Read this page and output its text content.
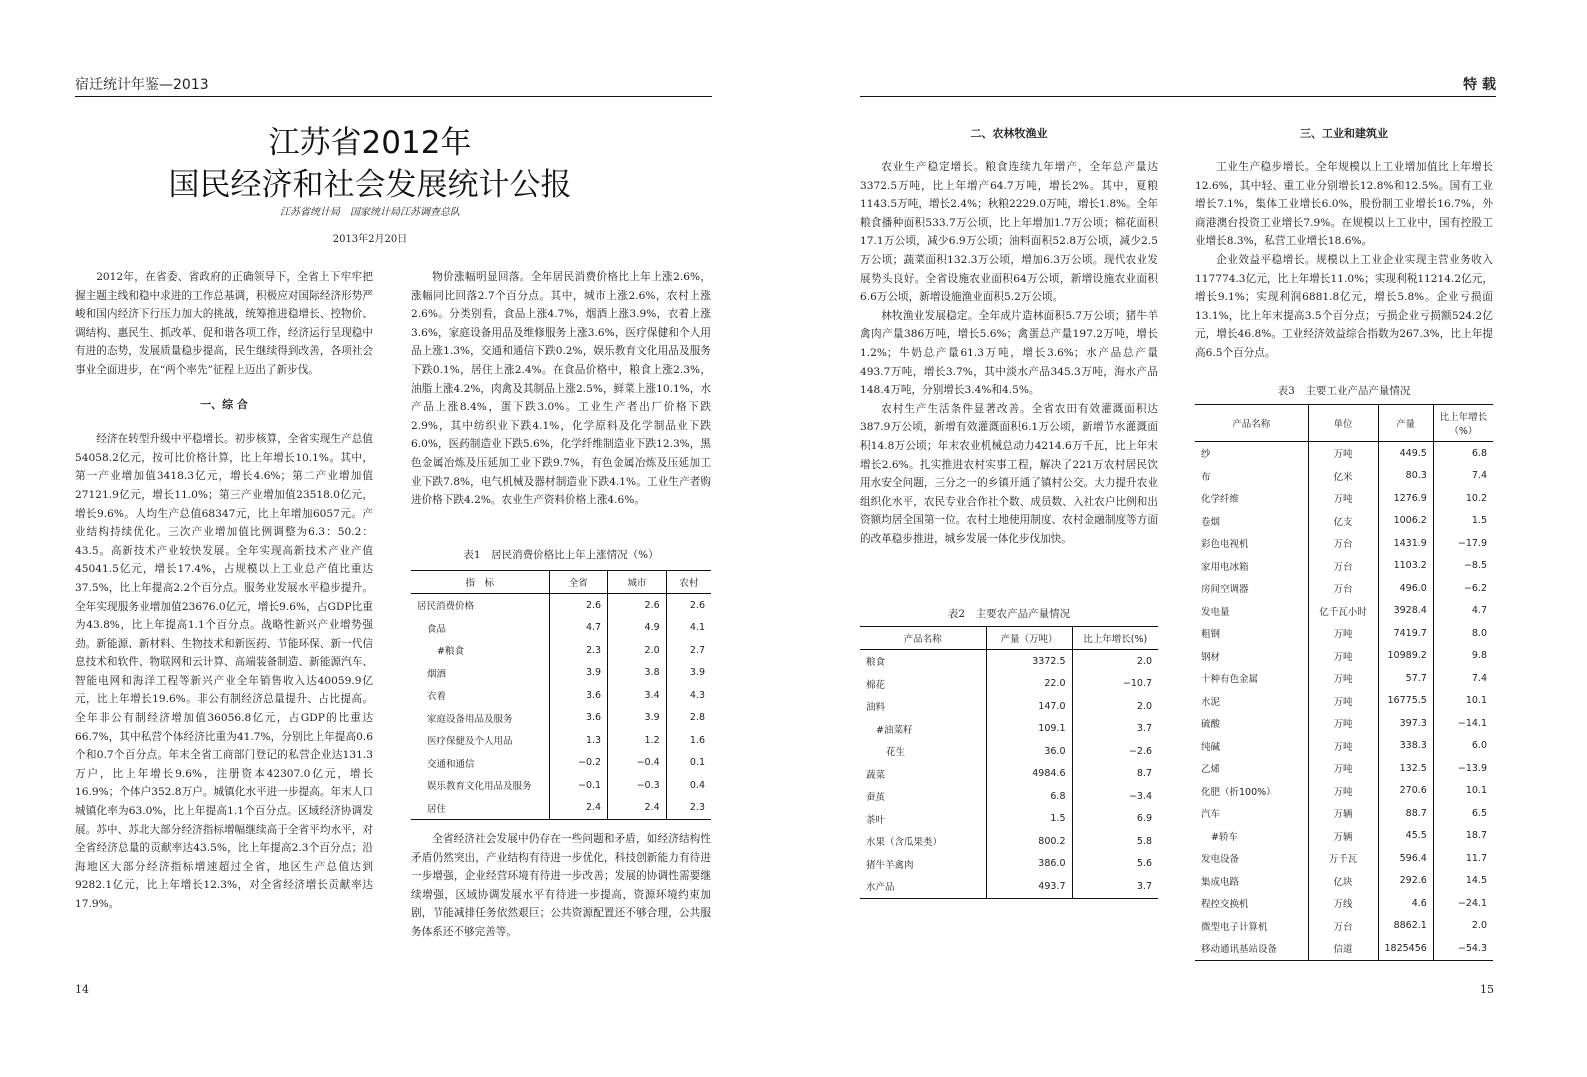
宿迁统计年鉴—2013	特 载
江苏省2012年
国民经济和社会发展统计公报
江苏省统计局　国家统计局江苏调查总队
2013年2月20日

2012年，在省委、省政府的正确领导下，全省上下牢牢把握主题主线和稳中求进的工作总基调，积极应对国际经济形势严峻和国内经济下行压力加大的挑战，统筹推进稳增长、控物价、调结构、惠民生、抓改革、促和谐各项工作，经济运行呈现稳中有进的态势，发展质量稳步提高，民生继续得到改善，各项社会事业全面进步，在“两个率先”征程上迈出了新步伐。

一、综 合

经济在转型升级中平稳增长。初步核算，全省实现生产总值54058.2亿元，按可比价格计算，比上年增长10.1%。其中，第一产业增加值3418.3亿元，增长4.6%；第二产业增加值27121.9亿元，增长11.0%；第三产业增加值23518.0亿元，增长9.6%。人均生产总值68347元，比上年增加6057元。产业结构持续优化。三次产业增加值比例调整为6.3：50.2：43.5。高新技术产业较快发展。全年实现高新技术产业产值45041.5亿元，增长17.4%，占规模以上工业总产值比重达37.5%，比上年提高2.2个百分点。服务业发展水平稳步提升。全年实现服务业增加值23676.0亿元，增长9.6%，占GDP比重为43.8%，比上年提高1.1个百分点。战略性新兴产业增势强劲。新能源、新材料、生物技术和新医药、节能环保、新一代信息技术和软件、物联网和云计算、高端装备制造、新能源汽车、智能电网和海洋工程等新兴产业全年销售收入达40059.9亿元，比上年增长19.6%。非公有制经济总量提升、占比提高。全年非公有制经济增加值36056.8亿元，占GDP的比重达66.7%，其中私营个体经济比重为41.7%，分别比上年提高0.6个和0.7个百分点。年末全省工商部门登记的私营企业达131.3万户，比上年增长9.6%，注册资本42307.0亿元，增长16.9%；个体户352.8万户。城镇化水平进一步提高。年末人口城镇化率为63.0%，比上年提高1.1个百分点。区域经济协调发展。苏中、苏北大部分经济指标增幅继续高于全省平均水平，对全省经济总量的贡献率达43.5%，比上年提高2.3个百分点；沿海地区大部分经济指标增速超过全省，地区生产总值达到9282.1亿元，比上年增长12.3%，对全省经济增长贡献率达17.9%。

物价涨幅明显回落。全年居民消费价格比上年上涨2.6%，涨幅同比回落2.7个百分点。其中，城市上涨2.6%，农村上涨2.6%。分类别看，食品上涨4.7%，烟酒上涨3.9%，衣着上涨3.6%，家庭设备用品及维修服务上涨3.6%，医疗保健和个人用品上涨1.3%，交通和通信下跌0.2%，娱乐教育文化用品及服务下跌0.1%，居住上涨2.4%。在食品价格中，粮食上涨2.3%，油脂上涨4.2%，肉禽及其制品上涨2.5%，鲜菜上涨10.1%，水产品上涨8.4%，蛋下跌3.0%。工业生产者出厂价格下跌2.9%，其中纺织业下跌4.1%，化学原料及化学制品业下跌6.0%，医药制造业下跌5.6%，化学纤维制造业下跌12.3%，黑色金属冶炼及压延加工业下跌9.7%，有色金属冶炼及压延加工业下跌7.8%，电气机械及器材制造业下跌4.1%。工业生产者购进价格下跌4.2%。农业生产资料价格上涨4.6%。

表1　居民消费价格比上年上涨情况（%）
指　标	全省	城市	农村
居民消费价格	2.6	2.6	2.6
食品	4.7	4.9	4.1
#粮食	2.3	2.0	2.7
烟酒	3.9	3.8	3.9
衣着	3.6	3.4	4.3
家庭设备用品及服务	3.6	3.9	2.8
医疗保健及个人用品	1.3	1.2	1.6
交通和通信	−0.2	−0.4	0.1
娱乐教育文化用品及服务	−0.1	−0.3	0.4
居住	2.4	2.4	2.3

全省经济社会发展中仍存在一些问题和矛盾，如经济结构性矛盾仍然突出，产业结构有待进一步优化，科技创新能力有待进一步增强，企业经营环境有待进一步改善；发展的协调性需要继续增强，区域协调发展水平有待进一步提高，资源环境约束加剧，节能减排任务依然艰巨；公共资源配置还不够合理，公共服务体系还不够完善等。

二、农林牧渔业

农业生产稳定增长。粮食连续九年增产，全年总产量达3372.5万吨，比上年增产64.7万吨，增长2%。其中，夏粮1143.5万吨，增长2.4%；秋粮2229.0万吨，增长1.8%。全年粮食播种面积533.7万公顷，比上年增加1.7万公顷；棉花面积17.1万公顷，减少6.9万公顷；油料面积52.8万公顷，减少2.5万公顷；蔬菜面积132.3万公顷，增加6.3万公顷。现代农业发展势头良好。全省设施农业面积64万公顷，新增设施农业面积6.6万公顷，新增设施渔业面积5.2万公顷。

林牧渔业发展稳定。全年成片造林面积5.7万公顷；猪牛羊禽肉产量386万吨，增长5.6%；禽蛋总产量197.2万吨，增长1.2%；牛奶总产量61.3万吨，增长3.6%；水产品总产量493.7万吨，增长3.7%，其中淡水产品345.3万吨，海水产品148.4万吨，分别增长3.4%和4.5%。

农村生产生活条件显著改善。全省农田有效灌溉面积达387.9万公顷，新增有效灌溉面积6.1万公顷，新增节水灌溉面积14.8万公顷；年末农业机械总动力4214.6万千瓦，比上年末增长2.6%。扎实推进农村实事工程，解决了221万农村居民饮用水安全问题，三分之一的乡镇开通了镇村公交。大力提升农业组织化水平，农民专业合作社个数、成员数、入社农户比例和出资额均居全国第一位。农村土地使用制度、农村金融制度等方面的改革稳步推进，城乡发展一体化步伐加快。

表2　主要农产品产量情况
产品名称	产量（万吨）	比上年增长(%)
粮食	3372.5	2.0
棉花	22.0	−10.7
油料	147.0	2.0
#油菜籽	109.1	3.7
花生	36.0	−2.6
蔬菜	4984.6	8.7
蚕茧	6.8	−3.4
茶叶	1.5	6.9
水果（含瓜果类）	800.2	5.8
猪牛羊禽肉	386.0	5.6
水产品	493.7	3.7
三、工业和建筑业

工业生产稳步增长。全年规模以上工业增加值比上年增长12.6%，其中轻、重工业分别增长12.8%和12.5%。国有工业增长7.1%，集体工业增长6.0%，股份制工业增长16.7%，外商港澳台投资工业增长7.9%。在规模以上工业中，国有控股工业增长8.3%，私营工业增长18.6%。

企业效益平稳增长。规模以上工业企业实现主营业务收入117774.3亿元，比上年增长11.0%；实现利税11214.2亿元，增长9.1%；实现利润6881.8亿元，增长5.8%。企业亏损面13.1%，比上年末提高3.5个百分点；亏损企业亏损额524.2亿元，增长46.8%。工业经济效益综合指数为267.3%，比上年提高6.5个百分点。

表3　主要工业产品产量情况
产品名称	单位	产量	比上年增长（%）
纱	万吨	449.5	6.8
布	亿米	80.3	7.4
化学纤维	万吨	1276.9	10.2
卷烟	亿支	1006.2	1.5
彩色电视机	万台	1431.9	−17.9
家用电冰箱	万台	1103.2	−8.5
房间空调器	万台	496.0	−6.2
发电量	亿千瓦小时	3928.4	4.7
粗钢	万吨	7419.7	8.0
钢材	万吨	10989.2	9.8
十种有色金属	万吨	57.7	7.4
水泥	万吨	16775.5	10.1
硫酸	万吨	397.3	−14.1
纯碱	万吨	338.3	6.0
乙烯	万吨	132.5	−13.9
化肥（折100%）	万吨	270.6	10.1
汽车	万辆	88.7	6.5
#轿车	万辆	45.5	18.7
发电设备	万千瓦	596.4	11.7
集成电路	亿块	292.6	14.5
程控交换机	万线	4.6	−24.1
微型电子计算机	万台	8862.1	2.0
移动通讯基站设备	信道	1825456	−54.3
14	15
